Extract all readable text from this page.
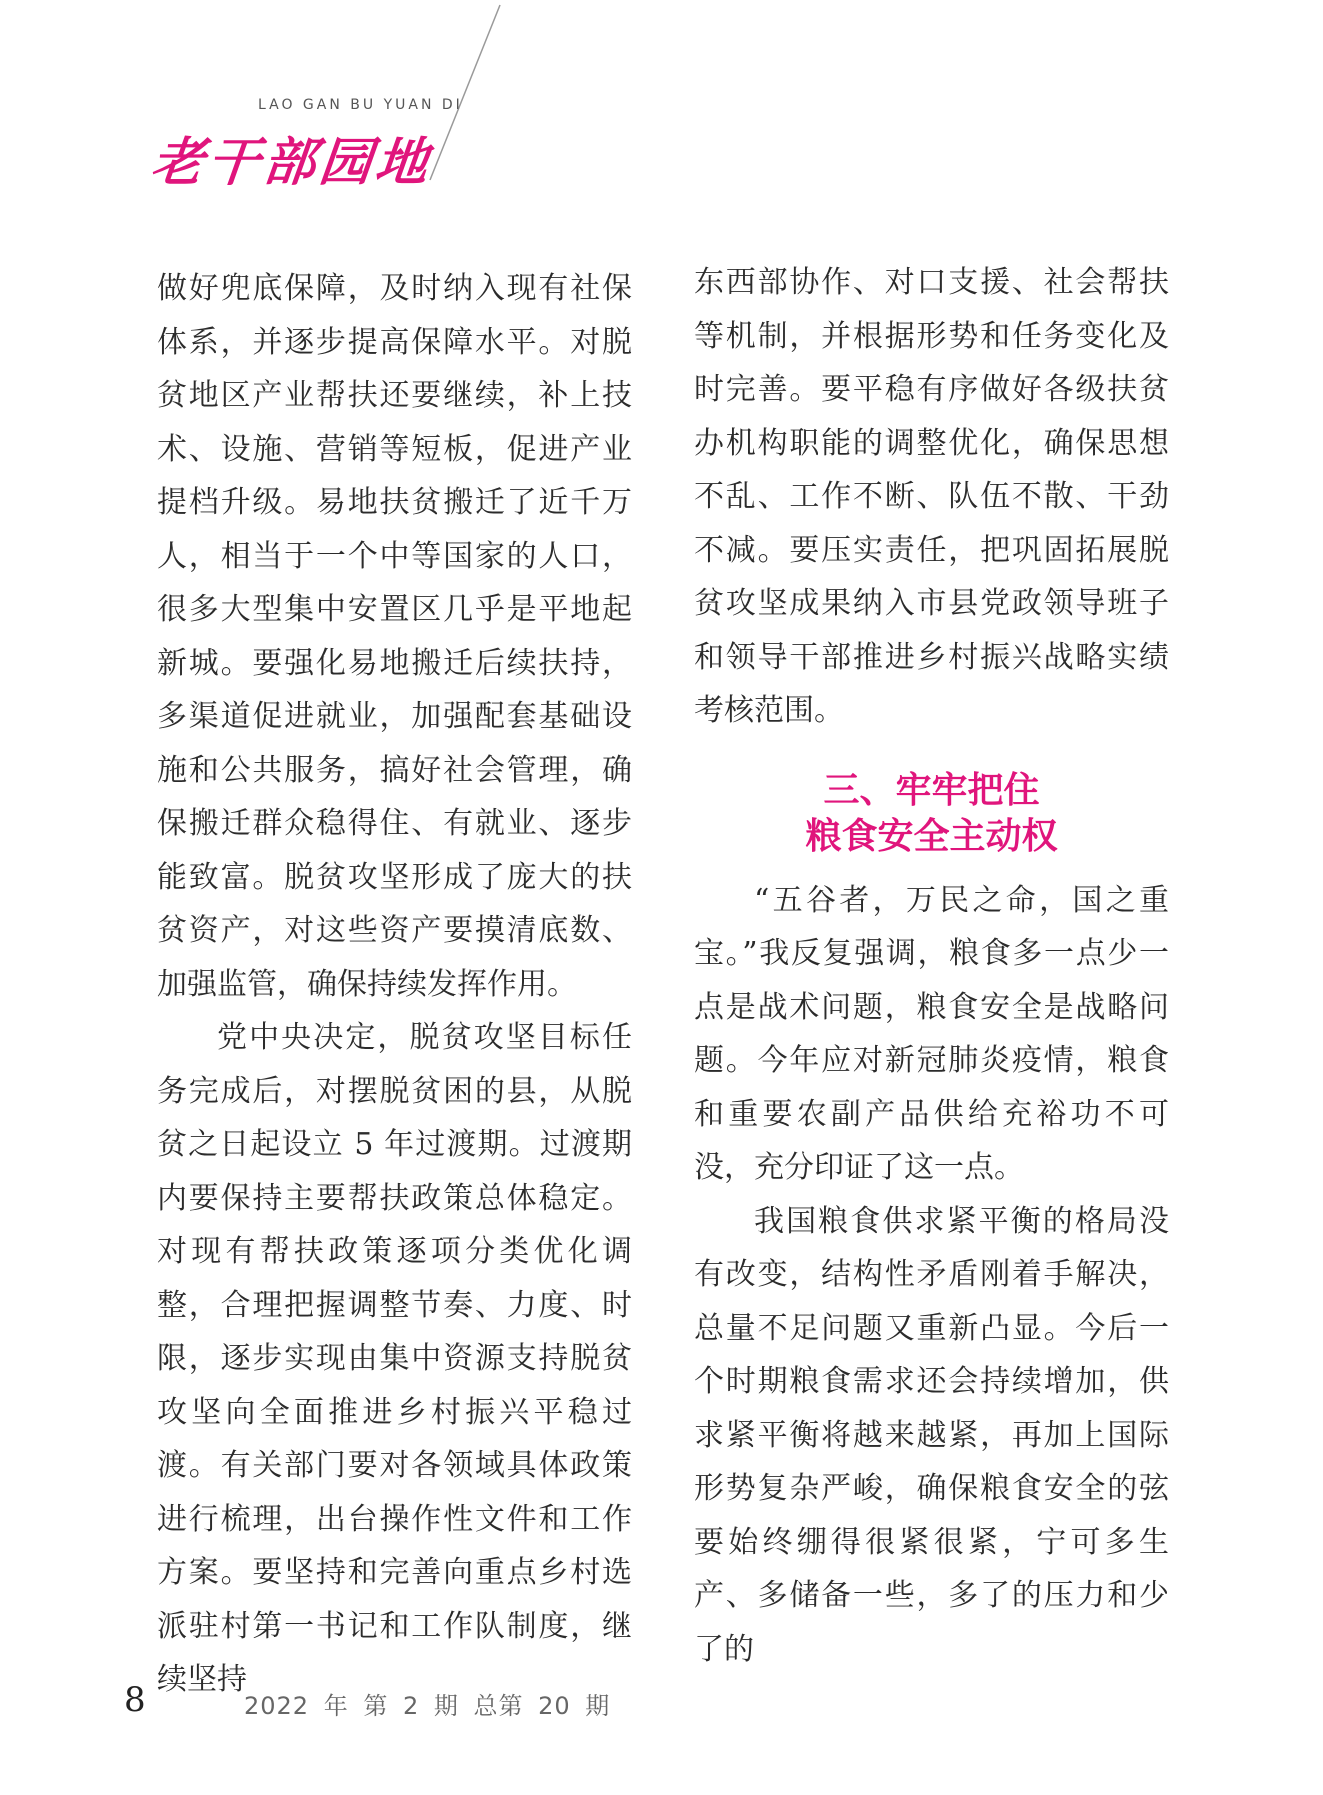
LAO GAN BU YUAN DI
老干部园地

做好兜底保障，及时纳入现有社保体系，并逐步提高保障水平。对脱贫地区产业帮扶还要继续，补上技术、设施、营销等短板，促进产业提档升级。易地扶贫搬迁了近千万人，相当于一个中等国家的人口，很多大型集中安置区几乎是平地起新城。要强化易地搬迁后续扶持，多渠道促进就业，加强配套基础设施和公共服务，搞好社会管理，确保搬迁群众稳得住、有就业、逐步能致富。脱贫攻坚形成了庞大的扶贫资产，对这些资产要摸清底数、加强监管，确保持续发挥作用。

党中央决定，脱贫攻坚目标任务完成后，对摆脱贫困的县，从脱贫之日起设立 5 年过渡期。过渡期内要保持主要帮扶政策总体稳定。对现有帮扶政策逐项分类优化调整，合理把握调整节奏、力度、时限，逐步实现由集中资源支持脱贫攻坚向全面推进乡村振兴平稳过渡。有关部门要对各领域具体政策进行梳理，出台操作性文件和工作方案。要坚持和完善向重点乡村选派驻村第一书记和工作队制度，继续坚持

东西部协作、对口支援、社会帮扶等机制，并根据形势和任务变化及时完善。要平稳有序做好各级扶贫办机构职能的调整优化，确保思想不乱、工作不断、队伍不散、干劲不减。要压实责任，把巩固拓展脱贫攻坚成果纳入市县党政领导班子和领导干部推进乡村振兴战略实绩考核范围。

三、牢牢把住
粮食安全主动权

“五谷者，万民之命，国之重宝。”我反复强调，粮食多一点少一点是战术问题，粮食安全是战略问题。今年应对新冠肺炎疫情，粮食和重要农副产品供给充裕功不可没，充分印证了这一点。

我国粮食供求紧平衡的格局没有改变，结构性矛盾刚着手解决，总量不足问题又重新凸显。今后一个时期粮食需求还会持续增加，供求紧平衡将越来越紧，再加上国际形势复杂严峻，确保粮食安全的弦要始终绷得很紧很紧，宁可多生产、多储备一些，多了的压力和少了的

8	2022 年 第 2 期 总第 20 期
